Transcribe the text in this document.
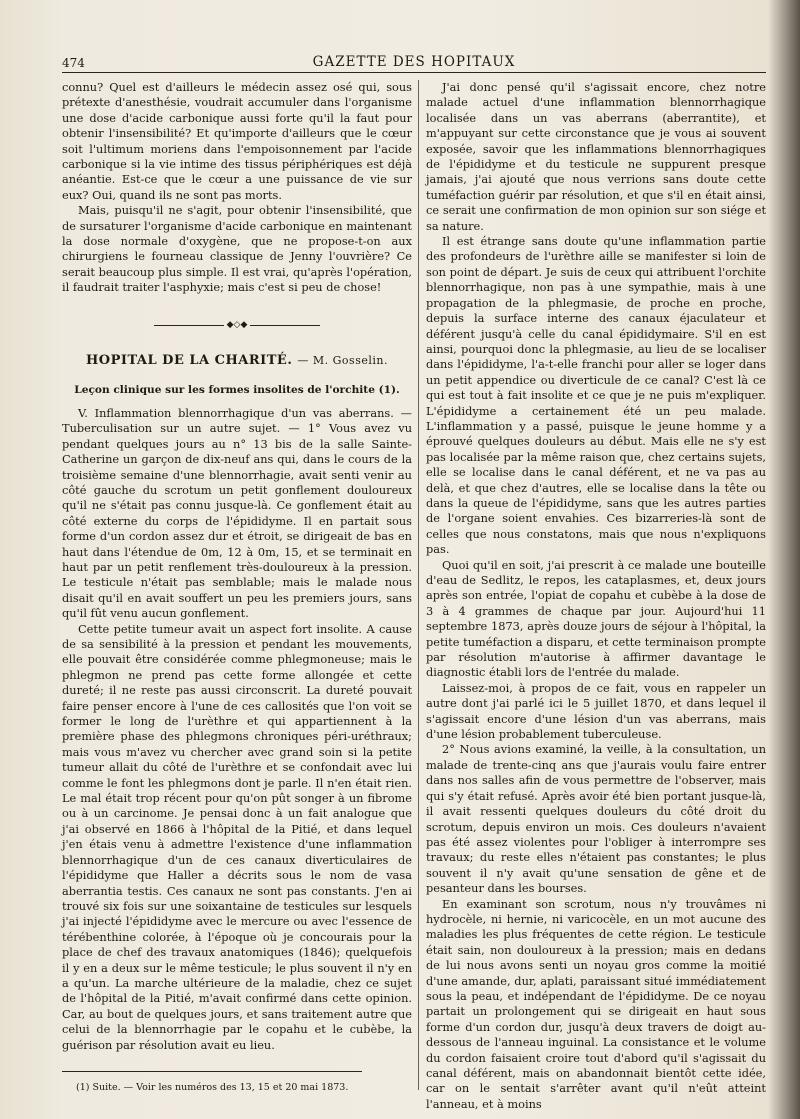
474	GAZETTE DES HOPITAUX

connu? Quel est d'ailleurs le médecin assez osé qui, sous prétexte d'anesthésie, voudrait accumuler dans l'organisme une dose d'acide carbonique aussi forte qu'il la faut pour obtenir l'insensibilité? Et qu'importe d'ailleurs que le cœur soit l'ultimum moriens dans l'empoisonnement par l'acide carbonique si la vie intime des tissus périphériques est déjà anéantie. Est-ce que le cœur a une puissance de vie sur eux? Oui, quand ils ne sont pas morts.

Mais, puisqu'il ne s'agit, pour obtenir l'insensibilité, que de sursaturer l'organisme d'acide carbonique en maintenant la dose normale d'oxygène, que ne propose-t-on aux chirurgiens le fourneau classique de Jenny l'ouvrière? Ce serait beaucoup plus simple. Il est vrai, qu'après l'opération, il faudrait traiter l'asphyxie; mais c'est si peu de chose!

◆◇◆
HOPITAL DE LA CHARITÉ. — M. Gosselin.
Leçon clinique sur les formes insolites de l'orchite (1).

V. Inflammation blennorrhagique d'un vas aberrans. — Tuberculisation sur un autre sujet. — 1° Vous avez vu pendant quelques jours au n° 13 bis de la salle Sainte-Catherine un garçon de dix-neuf ans qui, dans le cours de la troisième semaine d'une blennorrhagie, avait senti venir au côté gauche du scrotum un petit gonflement douloureux qu'il ne s'était pas connu jusque-là. Ce gonflement était au côté externe du corps de l'épididyme. Il en partait sous forme d'un cordon assez dur et étroit, se dirigeait de bas en haut dans l'étendue de 0m, 12 à 0m, 15, et se terminait en haut par un petit renflement très-douloureux à la pression. Le testicule n'était pas semblable; mais le malade nous disait qu'il en avait souffert un peu les premiers jours, sans qu'il fût venu aucun gonflement.

Cette petite tumeur avait un aspect fort insolite. A cause de sa sensibilité à la pression et pendant les mouvements, elle pouvait être considérée comme phlegmoneuse; mais le phlegmon ne prend pas cette forme allongée et cette dureté; il ne reste pas aussi circonscrit. La dureté pouvait faire penser encore à l'une de ces callosités que l'on voit se former le long de l'urèthre et qui appartiennent à la première phase des phlegmons chroniques péri-uréthraux; mais vous m'avez vu chercher avec grand soin si la petite tumeur allait du côté de l'urèthre et se confondait avec lui comme le font les phlegmons dont je parle. Il n'en était rien. Le mal était trop récent pour qu'on pût songer à un fibrome ou à un carcinome. Je pensai donc à un fait analogue que j'ai observé en 1866 à l'hôpital de la Pitié, et dans lequel j'en étais venu à admettre l'existence d'une inflammation blennorrhagique d'un de ces canaux diverticulaires de l'épididyme que Haller a décrits sous le nom de vasa aberrantia testis. Ces canaux ne sont pas constants. J'en ai trouvé six fois sur une soixantaine de testicules sur lesquels j'ai injecté l'épididyme avec le mercure ou avec l'essence de térébenthine colorée, à l'époque où je concourais pour la place de chef des travaux anatomiques (1846); quelquefois il y en a deux sur le même testicule; le plus souvent il n'y en a qu'un. La marche ultérieure de la maladie, chez ce sujet de l'hôpital de la Pitié, m'avait confirmé dans cette opinion. Car, au bout de quelques jours, et sans traitement autre que celui de la blennorrhagie par le copahu et le cubèbe, la guérison par résolution avait eu lieu.

(1) Suite. — Voir les numéros des 13, 15 et 20 mai 1873.

J'ai donc pensé qu'il s'agissait encore, chez notre malade actuel d'une inflammation blennorrhagique localisée dans un vas aberrans (aberrantite), et m'appuyant sur cette circonstance que je vous ai souvent exposée, savoir que les inflammations blennorrhagiques de l'épididyme et du testicule ne suppurent presque jamais, j'ai ajouté que nous verrions sans doute cette tuméfaction guérir par résolution, et que s'il en était ainsi, ce serait une confirmation de mon opinion sur son siége et sa nature.

Il est étrange sans doute qu'une inflammation partie des profondeurs de l'urèthre aille se manifester si loin de son point de départ. Je suis de ceux qui attribuent l'orchite blennorrhagique, non pas à une sympathie, mais à une propagation de la phlegmasie, de proche en proche, depuis la surface interne des canaux éjaculateur et déférent jusqu'à celle du canal épididymaire. S'il en est ainsi, pourquoi donc la phlegmasie, au lieu de se localiser dans l'épididyme, l'a-t-elle franchi pour aller se loger dans un petit appendice ou diverticule de ce canal? C'est là ce qui est tout à fait insolite et ce que je ne puis m'expliquer. L'épididyme a certainement été un peu malade. L'inflammation y a passé, puisque le jeune homme y a éprouvé quelques douleurs au début. Mais elle ne s'y est pas localisée par la même raison que, chez certains sujets, elle se localise dans le canal déférent, et ne va pas au delà, et que chez d'autres, elle se localise dans la tête ou dans la queue de l'épididyme, sans que les autres parties de l'organe soient envahies. Ces bizarreries-là sont de celles que nous constatons, mais que nous n'expliquons pas.

Quoi qu'il en soit, j'ai prescrit à ce malade une bouteille d'eau de Sedlitz, le repos, les cataplasmes, et, deux jours après son entrée, l'opiat de copahu et cubèbe à la dose de 3 à 4 grammes de chaque par jour. Aujourd'hui 11 septembre 1873, après douze jours de séjour à l'hôpital, la petite tuméfaction a disparu, et cette terminaison prompte par résolution m'autorise à affirmer davantage le diagnostic établi lors de l'entrée du malade.

Laissez-moi, à propos de ce fait, vous en rappeler un autre dont j'ai parlé ici le 5 juillet 1870, et dans lequel il s'agissait encore d'une lésion d'un vas aberrans, mais d'une lésion probablement tuberculeuse.

2° Nous avions examiné, la veille, à la consultation, un malade de trente-cinq ans que j'aurais voulu faire entrer dans nos salles afin de vous permettre de l'observer, mais qui s'y était refusé. Après avoir été bien portant jusque-là, il avait ressenti quelques douleurs du côté droit du scrotum, depuis environ un mois. Ces douleurs n'avaient pas été assez violentes pour l'obliger à interrompre ses travaux; du reste elles n'étaient pas constantes; le plus souvent il n'y avait qu'une sensation de gêne et de pesanteur dans les bourses.

En examinant son scrotum, nous n'y trouvâmes ni hydrocèle, ni hernie, ni varicocèle, en un mot aucune des maladies les plus fréquentes de cette région. Le testicule était sain, non douloureux à la pression; mais en dedans de lui nous avons senti un noyau gros comme la moitié d'une amande, dur, aplati, paraissant situé immédiatement sous la peau, et indépendant de l'épididyme. De ce noyau partait un prolongement qui se dirigeait en haut sous forme d'un cordon dur, jusqu'à deux travers de doigt au-dessous de l'anneau inguinal. La consistance et le volume du cordon faisaient croire tout d'abord qu'il s'agissait du canal déférent, mais on abandonnait bientôt cette idée, car on le sentait s'arrêter avant qu'il n'eût atteint l'anneau, et à moins
